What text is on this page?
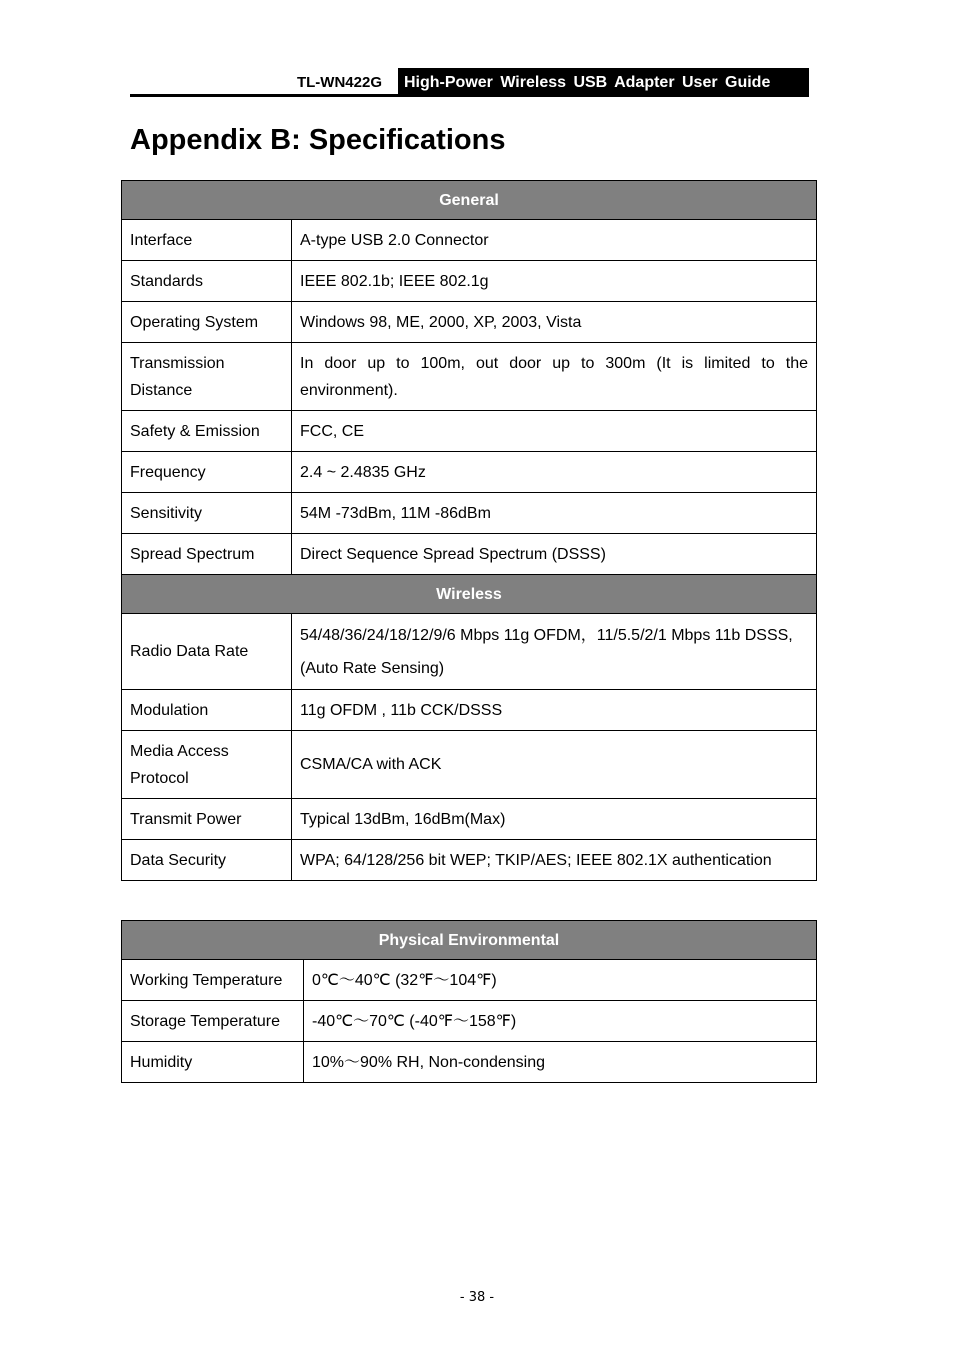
TL-WN422G	High-Power Wireless USB Adapter User Guide
Appendix B: Specifications
General	
Interface	A-type USB 2.0 Connector
Standards	IEEE 802.1b; IEEE 802.1g
Operating System	Windows 98, ME, 2000, XP, 2003, Vista
Transmission Distance	In door up to 100m, out door up to 300m (It is limited to the environment).
Safety & Emission	FCC, CE
Frequency	2.4 ~ 2.4835 GHz
Sensitivity	54M -73dBm, 11M -86dBm
Spread Spectrum	Direct Sequence Spread Spectrum (DSSS)
Wireless	
Radio Data Rate	54/48/36/24/18/12/9/6 Mbps 11g OFDM，11/5.5/2/1 Mbps 11b DSSS,(Auto Rate Sensing)
Modulation	11g OFDM , 11b CCK/DSSS
Media Access Protocol	CSMA/CA with ACK
Transmit Power	Typical 13dBm, 16dBm(Max)
Data Security	WPA; 64/128/256 bit WEP; TKIP/AES; IEEE 802.1X authentication
Physical Environmental	
Working Temperature	0℃～40℃ (32℉～104℉)
Storage Temperature	-40℃～70℃ (-40℉～158℉)
Humidity	10%～90% RH, Non-condensing
- 38 -
